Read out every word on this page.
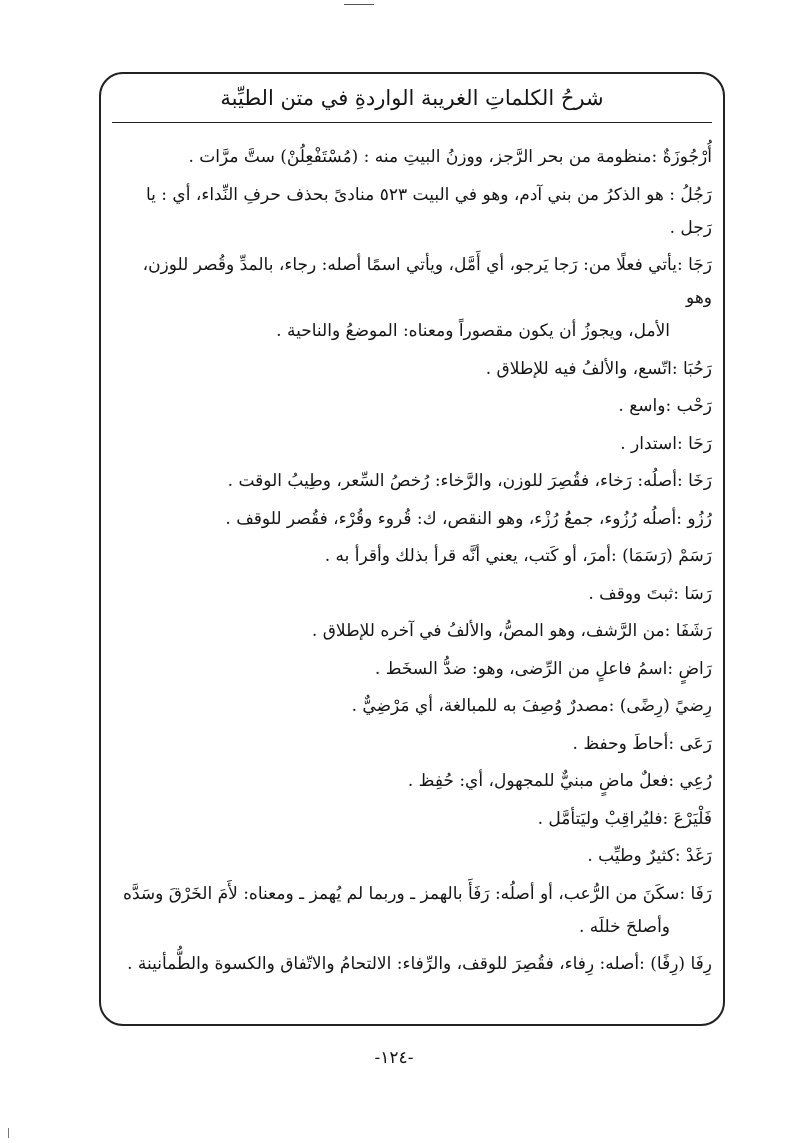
شرحُ الكلماتِ الغريبة الواردةِ في متن الطيِّبة

أُرْجُوزَةٌ :منظومة من بحر الرَّجز، ووزنُ البيتِ منه : (مُسْتَفْعِلُنْ) ستَّ مرَّات .

رَجُلُ : هو الذكرُ من بني آدم، وهو في البيت ٥٢٣ منادىً بحذف حرفِ النِّداء، أي : يا رَجل .

رَجَا :يأتي فعلًا من: رَجا يَرجو، أي أَمَّل، ويأتي اسمًا أصله: رجاء، بالمدِّ وقُصر للوزن، وهو
الأمل، ويجوزُ أن يكون مقصوراً ومعناه: الموضعُ والناحية .

رَحُبَا :اتّسع، والألفُ فيه للإطلاق .

رَحْب :واسع .

رَحَا :استدار .

رَخَا :أصلُه: رَخاء، فقُصِرَ للوزن، والرَّخاء: رُخصُ السِّعر، وطِيبُ الوقت .

رُزُو :أصلُه رُزُوء، جمعُ رُزْء، وهو النقص، ك: قُروء وقُرْء، فقُصر للوقف .

رَسَمْ (رَسَمَا) :أمرَ، أو كَتب، يعني أنَّه قرأ بذلك وأقرأ به .

رَسَا :ثبتَ ووقف .

رَشَفَا :من الرَّشف، وهو المصُّ، والألفُ في آخره للإطلاق .

رَاضٍ :اسمُ فاعلٍ من الرِّضى، وهو: ضدُّ السخَط .

رِضيً (رِضًى) :مصدرٌ وُصِفَ به للمبالغة، أي مَرْضِيٌّ .

رَعَى :أحاطَ وحفظ .

رُعِي :فعلٌ ماضٍ مبنيٌّ للمجهول، أي: حُفِظ .

فَلْيَرْعَ :فليُراقِبْ وليَتأمَّل .

رَغَدْ :كثيرٌ وطيِّب .

رَفَا :سكَنَ من الرُّعب، أو أصلُه: رَفَأَ بالهمز ـ وربما لم يُهمز ـ ومعناه: لأَمَ الخَرْقَ وسَدَّه
وأصلحَ خللَه .

رِفَا (رِفًا) :أصله: رِفاء، فقُصِرَ للوقف، والرِّفاء: الالتحامُ والاتّفاق والكسوة والطُّمأنينة .

-١٢٤-
